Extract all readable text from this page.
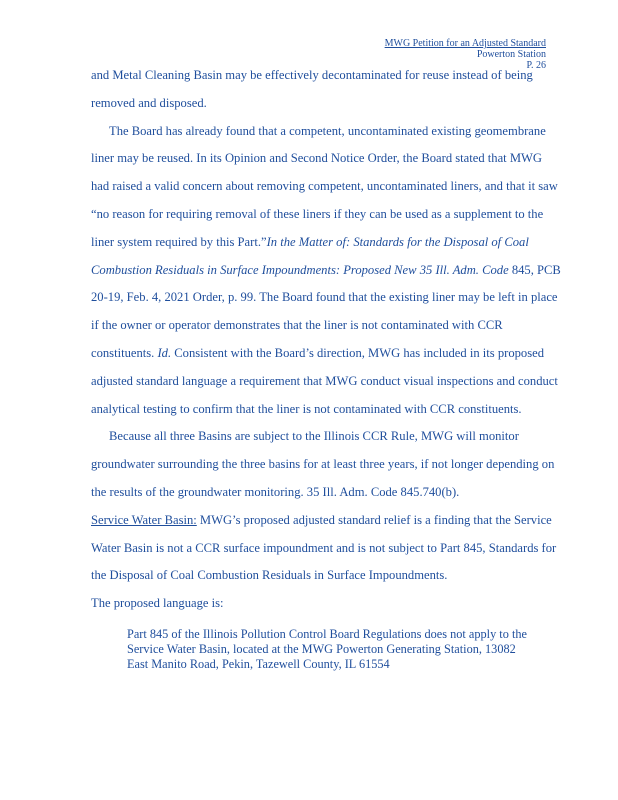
MWG Petition for an Adjusted Standard
Powerton Station
P. 26
and Metal Cleaning Basin may be effectively decontaminated for reuse instead of being
removed and disposed.
The Board has already found that a competent, uncontaminated existing geomembrane
liner may be reused. In its Opinion and Second Notice Order, the Board stated that MWG
had raised a valid concern about removing competent, uncontaminated liners, and that it saw
“no reason for requiring removal of these liners if they can be used as a supplement to the
liner system required by this Part.”In the Matter of: Standards for the Disposal of Coal
Combustion Residuals in Surface Impoundments: Proposed New 35 Ill. Adm. Code 845, PCB
20-19, Feb. 4, 2021 Order, p. 99. The Board found that the existing liner may be left in place
if the owner or operator demonstrates that the liner is not contaminated with CCR
constituents. Id. Consistent with the Board’s direction, MWG has included in its proposed
adjusted standard language a requirement that MWG conduct visual inspections and conduct
analytical testing to confirm that the liner is not contaminated with CCR constituents.
Because all three Basins are subject to the Illinois CCR Rule, MWG will monitor
groundwater surrounding the three basins for at least three years, if not longer depending on
the results of the groundwater monitoring. 35 Ill. Adm. Code 845.740(b).
Service Water Basin: MWG’s proposed adjusted standard relief is a finding that the Service
Water Basin is not a CCR surface impoundment and is not subject to Part 845, Standards for
the Disposal of Coal Combustion Residuals in Surface Impoundments.
The proposed language is:
Part 845 of the Illinois Pollution Control Board Regulations does not apply to the
Service Water Basin, located at the MWG Powerton Generating Station, 13082
East Manito Road, Pekin, Tazewell County, IL 61554
